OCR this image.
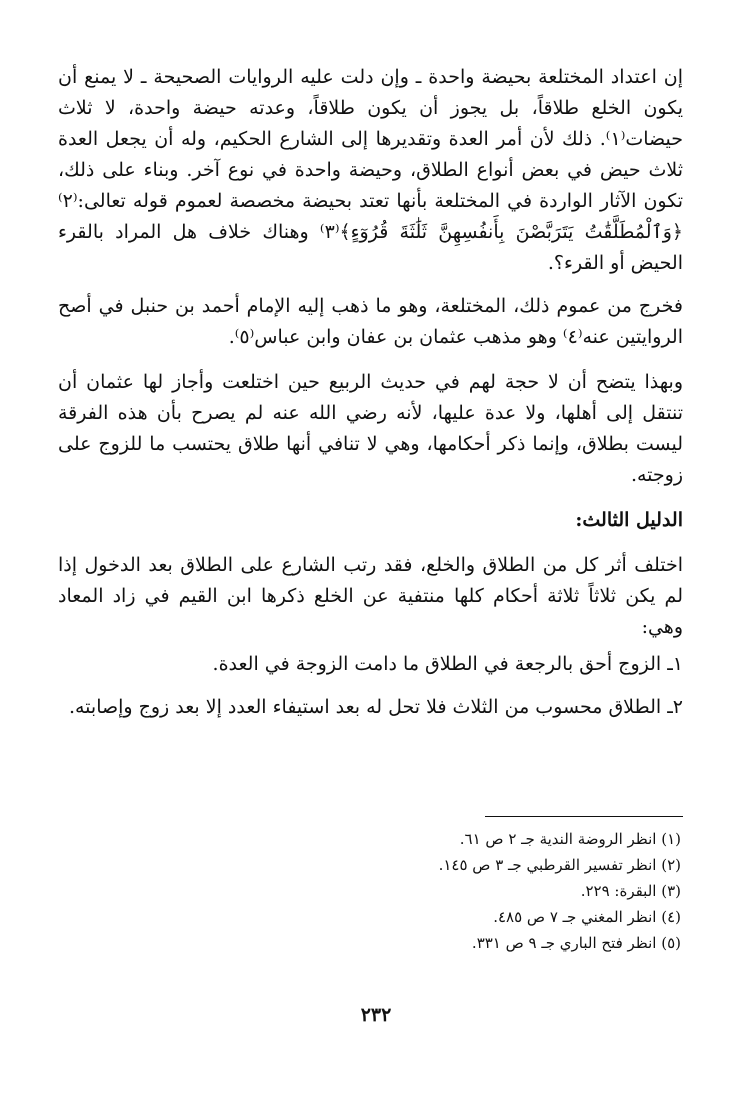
إن اعتداد المختلعة بحيضة واحدة ـ وإن دلت عليه الروايات الصحيحة ـ لا يمنع أن يكون الخلع طلاقاً، بل يجوز أن يكون طلاقاً، وعدته حيضة واحدة، لا ثلاث حيضات⁽١⁾. ذلك لأن أمر العدة وتقديرها إلى الشارع الحكيم، وله أن يجعل العدة ثلاث حيض في بعض أنواع الطلاق، وحيضة واحدة في نوع آخر. وبناء على ذلك، تكون الآثار الواردة في المختلعة بأنها تعتد بحيضة مخصصة لعموم قوله تعالى:⁽٢⁾ ﴿وَٱلْمُطَلَّقَٰتُ يَتَرَبَّصْنَ بِأَنفُسِهِنَّ ثَلَٰثَةَ قُرُوٓءٍ﴾⁽٣⁾ وهناك خلاف هل المراد بالقرء الحيض أو القرء؟.

فخرج من عموم ذلك، المختلعة، وهو ما ذهب إليه الإمام أحمد بن حنبل في أصح الروايتين عنه⁽٤⁾ وهو مذهب عثمان بن عفان وابن عباس⁽٥⁾.

وبهذا يتضح أن لا حجة لهم في حديث الربيع حين اختلعت وأجاز لها عثمان أن تنتقل إلى أهلها، ولا عدة عليها، لأنه رضي الله عنه لم يصرح بأن هذه الفرقة ليست بطلاق، وإنما ذكر أحكامها، وهي لا تنافي أنها طلاق يحتسب ما للزوج على زوجته.

الدليل الثالث:

اختلف أثر كل من الطلاق والخلع، فقد رتب الشارع على الطلاق بعد الدخول إذا لم يكن ثلاثاً ثلاثة أحكام كلها منتفية عن الخلع ذكرها ابن القيم في زاد المعاد وهي:

١ـ الزوج أحق بالرجعة في الطلاق ما دامت الزوجة في العدة.

٢ـ الطلاق محسوب من الثلاث فلا تحل له بعد استيفاء العدد إلا بعد زوج وإصابته.

(١) انظر الروضة الندية جـ ٢ ص ٦١.

(٢) انظر تفسير القرطبي جـ ٣ ص ١٤٥.

(٣) البقرة: ٢٢٩.

(٤) انظر المغني جـ ٧ ص ٤٨٥.

(٥) انظر فتح الباري جـ ٩ ص ٣٣١.

٢٣٢
